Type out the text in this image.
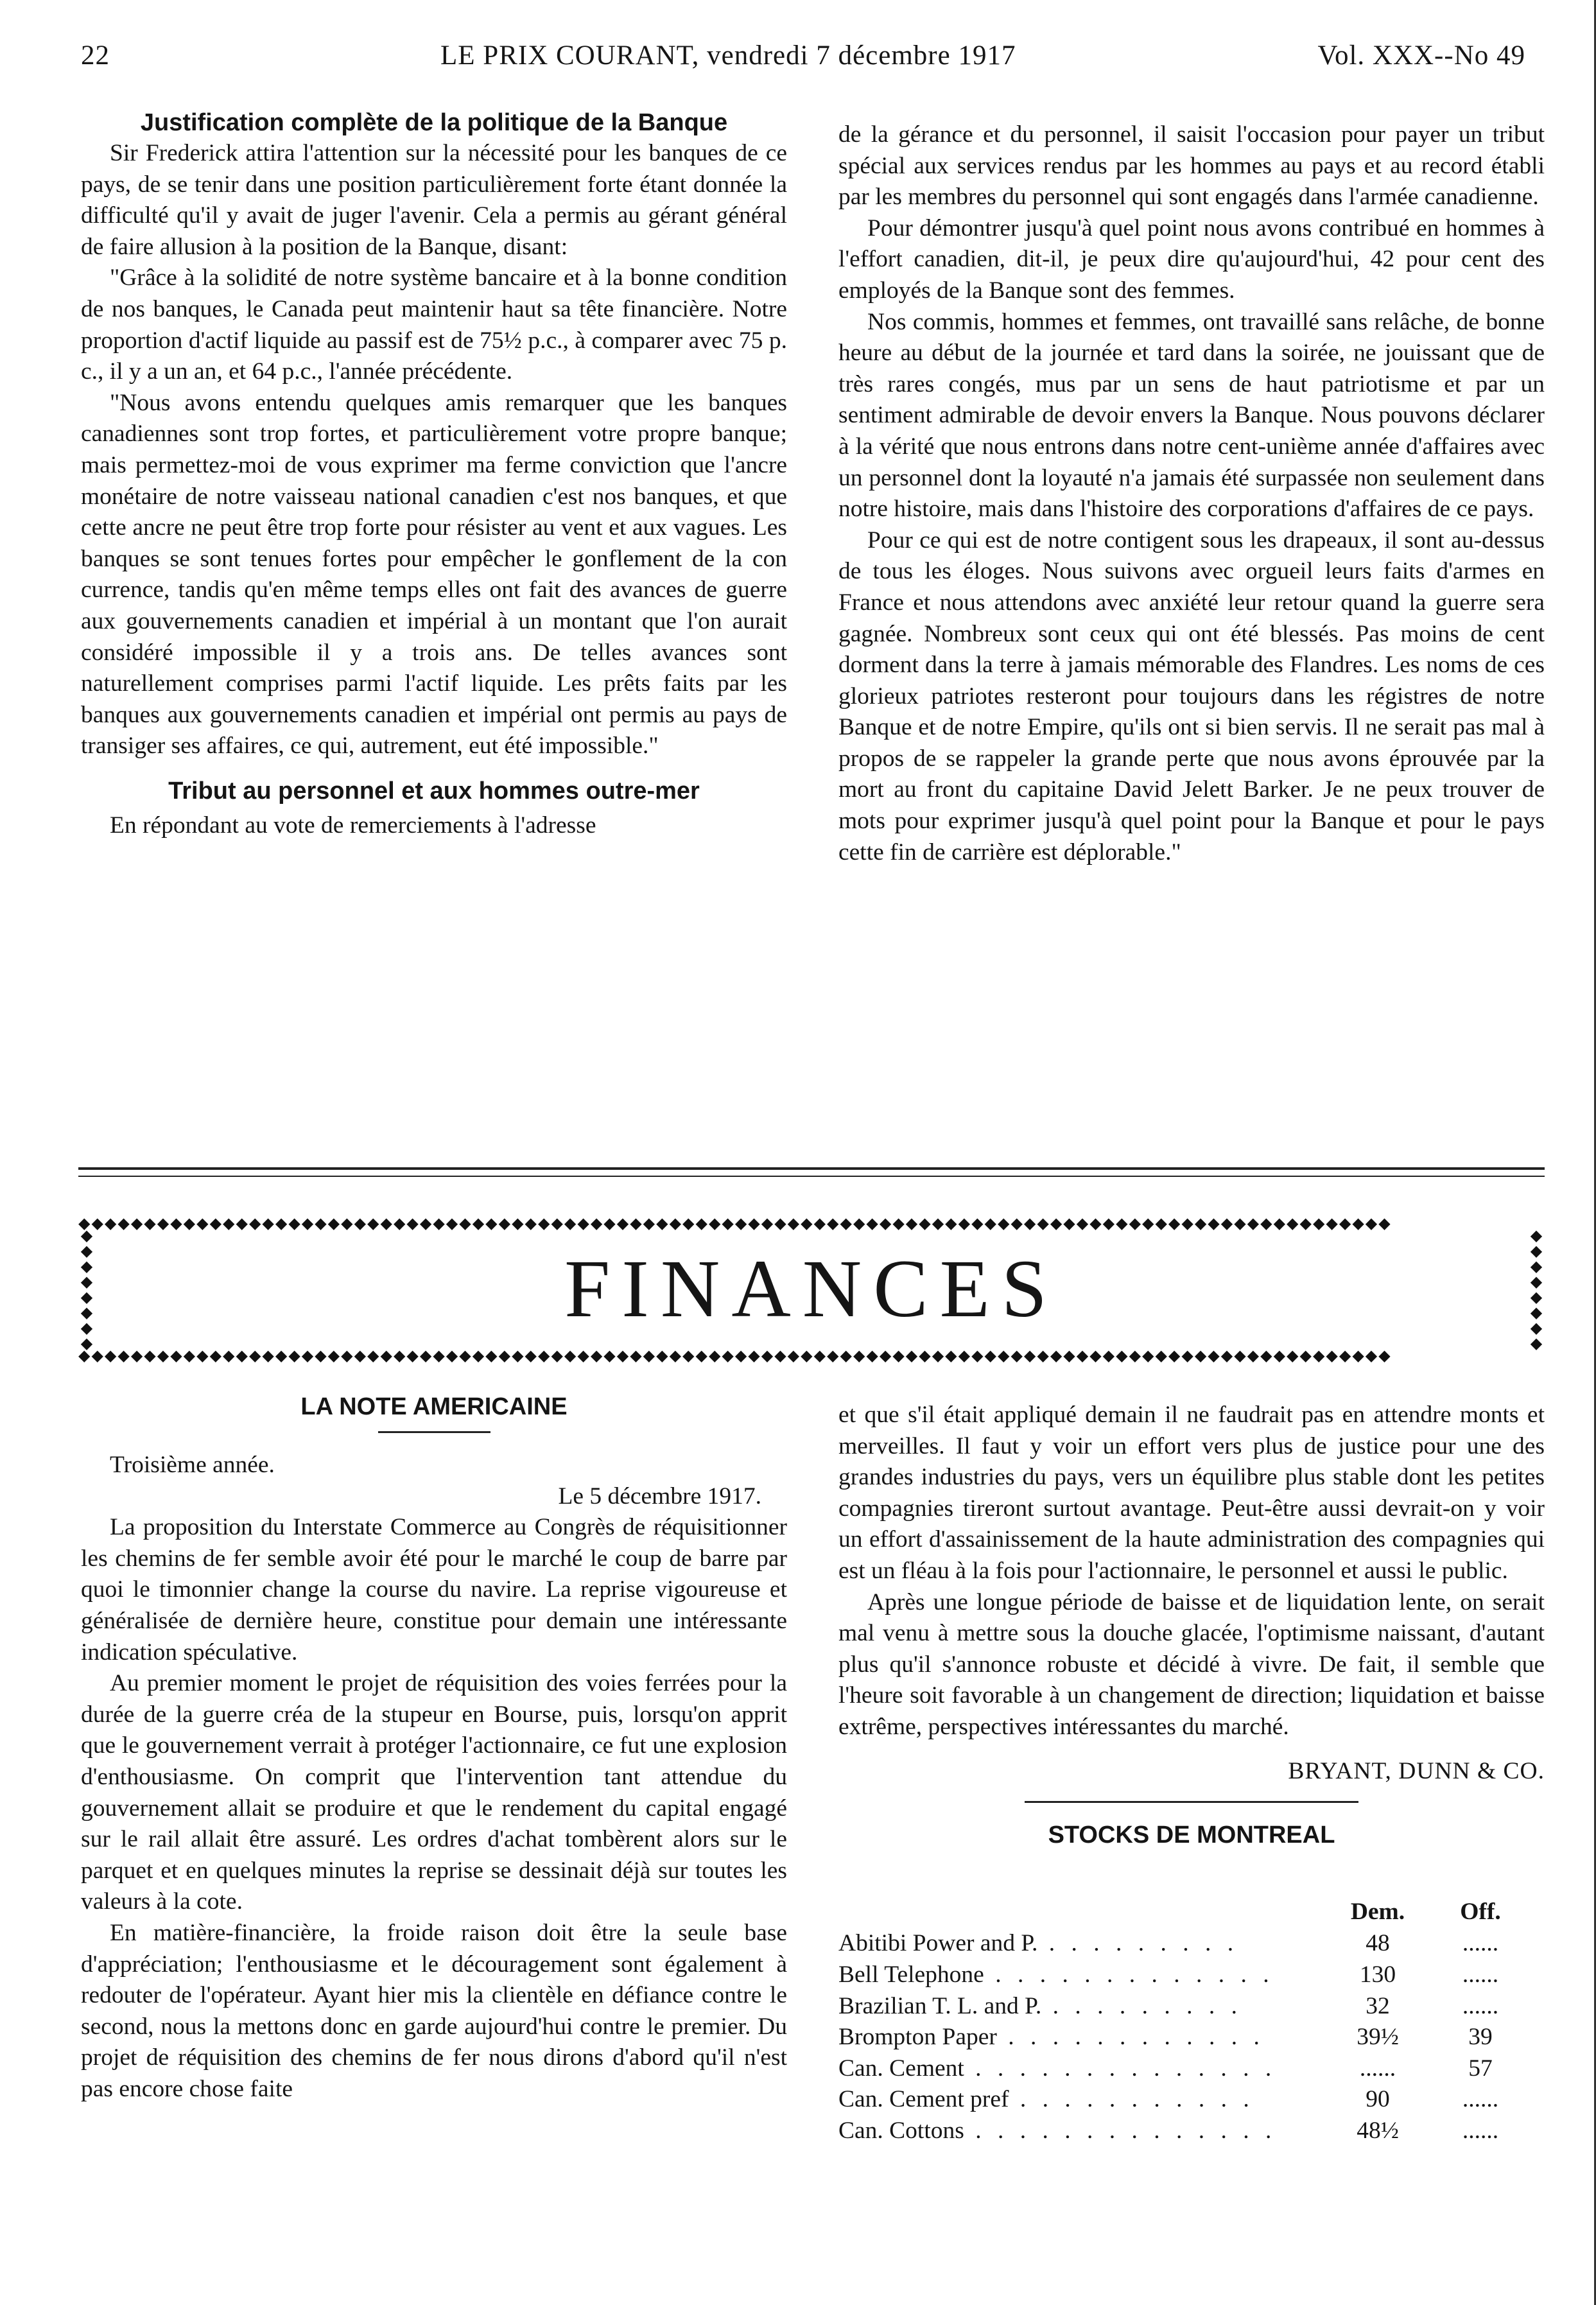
22	LE PRIX COURANT, vendredi 7 décembre 1917	Vol. XXX--No 49
Justification complète de la politique de la Banque

Sir Frederick attira l'attention sur la nécessité pour les banques de ce pays, de se tenir dans une position particulièrement forte étant donnée la difficulté qu'il y avait de juger l'avenir. Cela a permis au gérant général de faire allusion à la position de la Banque, disant:

"Grâce à la solidité de notre système bancaire et à la bonne condition de nos banques, le Canada peut maintenir haut sa tête financière. Notre proportion d'actif liquide au passif est de 75½ p.c., à comparer avec 75 p. c., il y a un an, et 64 p.c., l'année précédente.

"Nous avons entendu quelques amis remarquer que les banques canadiennes sont trop fortes, et particulièrement votre propre banque; mais permettez-moi de vous exprimer ma ferme conviction que l'ancre monétaire de notre vaisseau national canadien c'est nos banques, et que cette ancre ne peut être trop forte pour résister au vent et aux vagues. Les banques se sont tenues fortes pour empêcher le gonflement de la con currence, tandis qu'en même temps elles ont fait des avances de guerre aux gouvernements canadien et impérial à un montant que l'on aurait considéré impossible il y a trois ans. De telles avances sont naturellement comprises parmi l'actif liquide. Les prêts faits par les banques aux gouvernements canadien et impérial ont permis au pays de transiger ses affaires, ce qui, autrement, eut été impossible."

Tribut au personnel et aux hommes outre-mer

En répondant au vote de remerciements à l'adresse

de la gérance et du personnel, il saisit l'occasion pour payer un tribut spécial aux services rendus par les hommes au pays et au record établi par les membres du personnel qui sont engagés dans l'armée canadienne.

Pour démontrer jusqu'à quel point nous avons contribué en hommes à l'effort canadien, dit-il, je peux dire qu'aujourd'hui, 42 pour cent des employés de la Banque sont des femmes.

Nos commis, hommes et femmes, ont travaillé sans relâche, de bonne heure au début de la journée et tard dans la soirée, ne jouissant que de très rares congés, mus par un sens de haut patriotisme et par un sentiment admirable de devoir envers la Banque. Nous pouvons déclarer à la vérité que nous entrons dans notre cent-unième année d'affaires avec un personnel dont la loyauté n'a jamais été surpassée non seulement dans notre histoire, mais dans l'histoire des corporations d'affaires de ce pays.

Pour ce qui est de notre contigent sous les drapeaux, il sont au-dessus de tous les éloges. Nous suivons avec orgueil leurs faits d'armes en France et nous attendons avec anxiété leur retour quand la guerre sera gagnée. Nombreux sont ceux qui ont été blessés. Pas moins de cent dorment dans la terre à jamais mémorable des Flandres. Les noms de ces glorieux patriotes resteront pour toujours dans les régistres de notre Banque et de notre Empire, qu'ils ont si bien servis. Il ne serait pas mal à propos de se rappeler la grande perte que nous avons éprouvée par la mort au front du capitaine David Jelett Barker. Je ne peux trouver de mots pour exprimer jusqu'à quel point pour la Banque et pour le pays cette fin de carrière est déplorable."

◆◆◆◆◆◆◆◆◆◆◆◆◆◆◆◆◆◆◆◆◆◆◆◆◆◆◆◆◆◆◆◆◆◆◆◆◆◆◆◆◆◆◆◆◆◆◆◆◆◆◆◆◆◆◆◆◆◆◆◆◆◆◆◆◆◆◆◆◆◆◆◆◆◆◆◆◆◆◆◆◆◆◆◆◆◆◆◆◆◆◆◆◆◆◆◆◆◆◆◆
◆
◆
◆
◆
◆
◆
◆
◆
◆
◆
◆
◆
◆
◆
◆
◆
FINANCES
◆◆◆◆◆◆◆◆◆◆◆◆◆◆◆◆◆◆◆◆◆◆◆◆◆◆◆◆◆◆◆◆◆◆◆◆◆◆◆◆◆◆◆◆◆◆◆◆◆◆◆◆◆◆◆◆◆◆◆◆◆◆◆◆◆◆◆◆◆◆◆◆◆◆◆◆◆◆◆◆◆◆◆◆◆◆◆◆◆◆◆◆◆◆◆◆◆◆◆◆
LA NOTE AMERICAINE

Troisième année.

Le 5 décembre 1917.

La proposition du Interstate Commerce au Congrès de réquisitionner les chemins de fer semble avoir été pour le marché le coup de barre par quoi le timonnier change la course du navire. La reprise vigoureuse et généralisée de dernière heure, constitue pour demain une intéressante indication spéculative.

Au premier moment le projet de réquisition des voies ferrées pour la durée de la guerre créa de la stupeur en Bourse, puis, lorsqu'on apprit que le gouvernement verrait à protéger l'actionnaire, ce fut une explosion d'enthousiasme. On comprit que l'intervention tant attendue du gouvernement allait se produire et que le rendement du capital engagé sur le rail allait être assuré. Les ordres d'achat tombèrent alors sur le parquet et en quelques minutes la reprise se dessinait déjà sur toutes les valeurs à la cote.

En matière-financière, la froide raison doit être la seule base d'appréciation; l'enthousiasme et le découragement sont également à redouter de l'opérateur. Ayant hier mis la clientèle en défiance contre le second, nous la mettons donc en garde aujourd'hui contre le premier. Du projet de réquisition des chemins de fer nous dirons d'abord qu'il n'est pas encore chose faite

et que s'il était appliqué demain il ne faudrait pas en attendre monts et merveilles. Il faut y voir un effort vers plus de justice pour une des grandes industries du pays, vers un équilibre plus stable dont les petites compagnies tireront surtout avantage. Peut-être aussi devrait-on y voir un effort d'assainissement de la haute administration des compagnies qui est un fléau à la fois pour l'actionnaire, le personnel et aussi le public.

Après une longue période de baisse et de liquidation lente, on serait mal venu à mettre sous la douche glacée, l'optimisme naissant, d'autant plus qu'il s'annonce robuste et décidé à vivre. De fait, il semble que l'heure soit favorable à un changement de direction; liquidation et baisse extrême, perspectives intéressantes du marché.

BRYANT, DUNN & CO.
STOCKS DE MONTREAL
	Dem.	Off.
Abitibi Power and P. . . . . . . . . .	48	......
Bell Telephone . . . . . . . . . . . . .	130	......
Brazilian T. L. and P. . . . . . . . . .	32	......
Brompton Paper . . . . . . . . . . . .	39½	39
Can. Cement . . . . . . . . . . . . . .	......	57
Can. Cement pref . . . . . . . . . . .	90	......
Can. Cottons . . . . . . . . . . . . . .	48½	......
